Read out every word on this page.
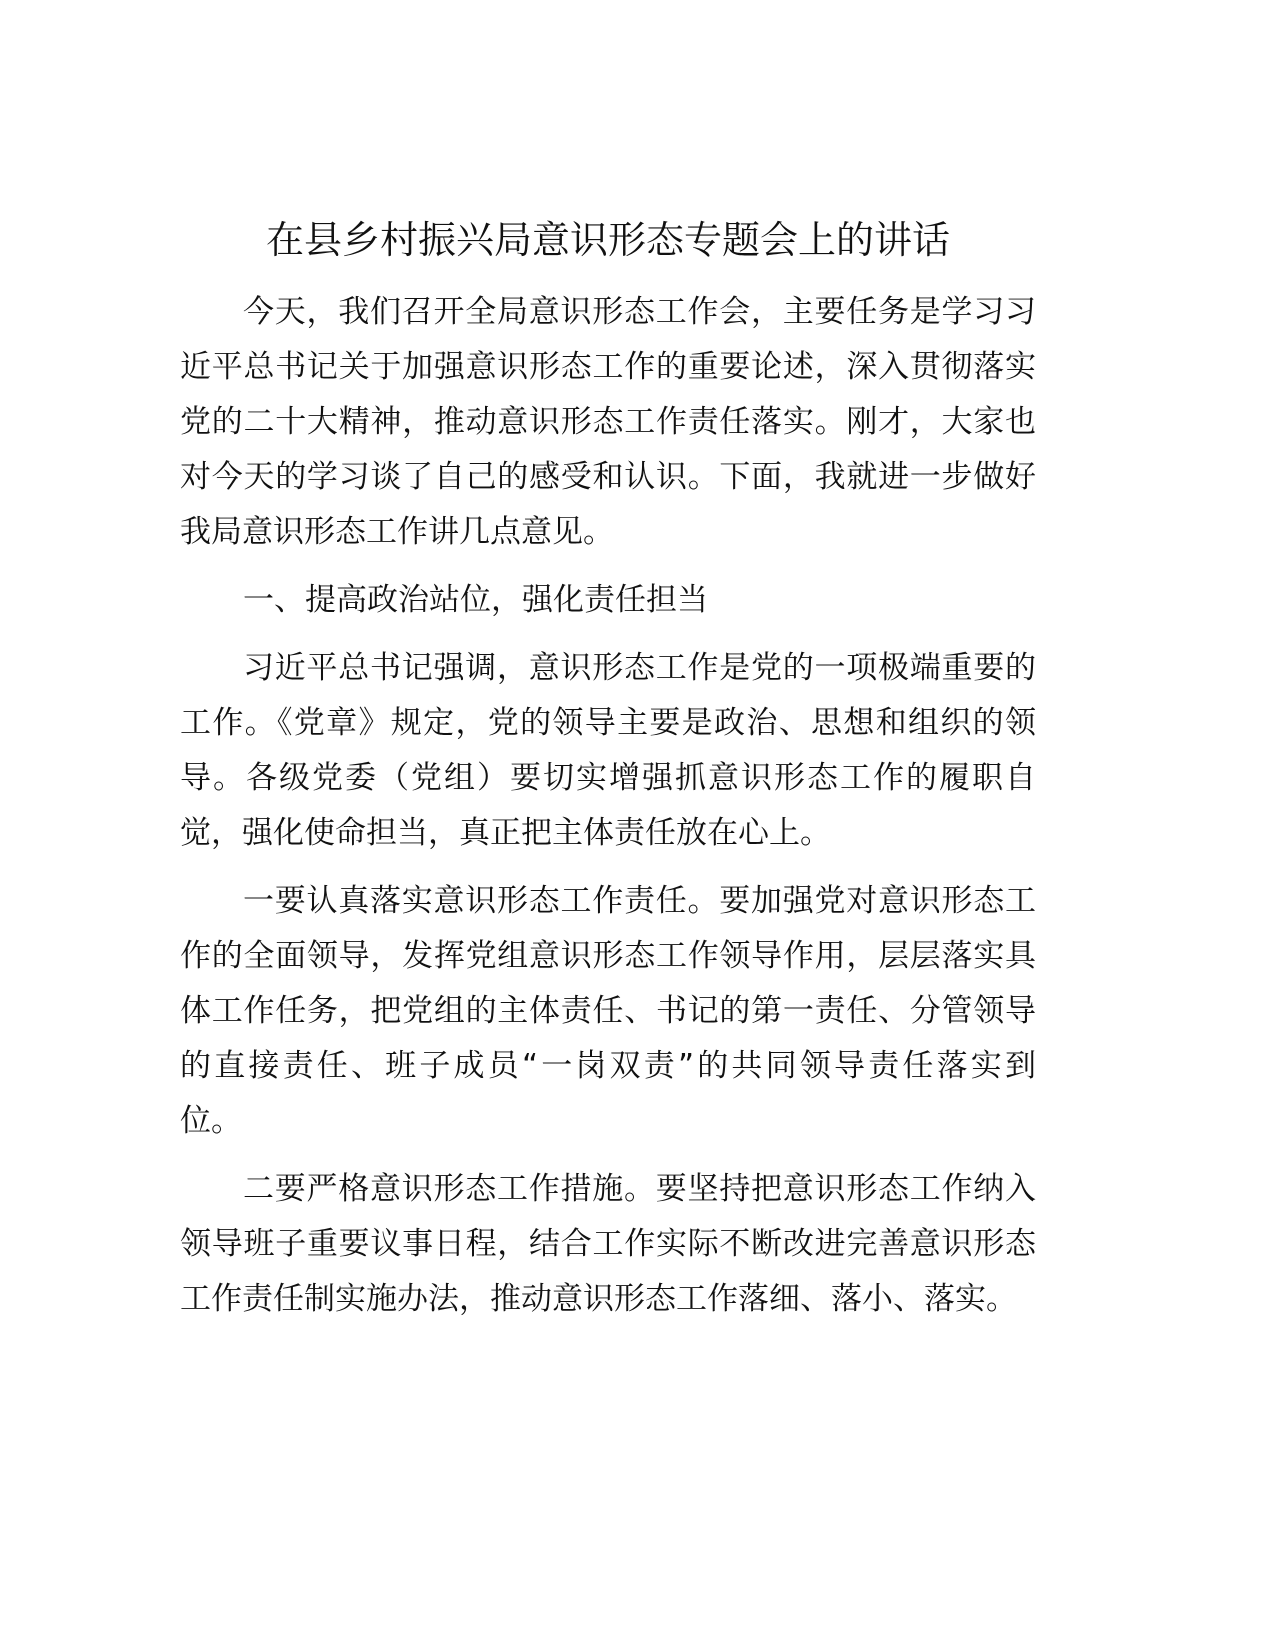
在县乡村振兴局意识形态专题会上的讲话
今天，我们召开全局意识形态工作会，主要任务是学习习
近平总书记关于加强意识形态工作的重要论述，深入贯彻落实
党的二十大精神，推动意识形态工作责任落实。刚才，大家也
对今天的学习谈了自己的感受和认识。下面，我就进一步做好
我局意识形态工作讲几点意见。
一、提高政治站位，强化责任担当
习近平总书记强调，意识形态工作是党的一项极端重要的
工作。《党章》规定，党的领导主要是政治、思想和组织的领
导。各级党委（党组）要切实增强抓意识形态工作的履职自
觉，强化使命担当，真正把主体责任放在心上。
一要认真落实意识形态工作责任。要加强党对意识形态工
作的全面领导，发挥党组意识形态工作领导作用，层层落实具
体工作任务，把党组的主体责任、书记的第一责任、分管领导
的直接责任、班子成员“一岗双责”的共同领导责任落实到
位。
二要严格意识形态工作措施。要坚持把意识形态工作纳入
领导班子重要议事日程，结合工作实际不断改进完善意识形态
工作责任制实施办法，推动意识形态工作落细、落小、落实。
